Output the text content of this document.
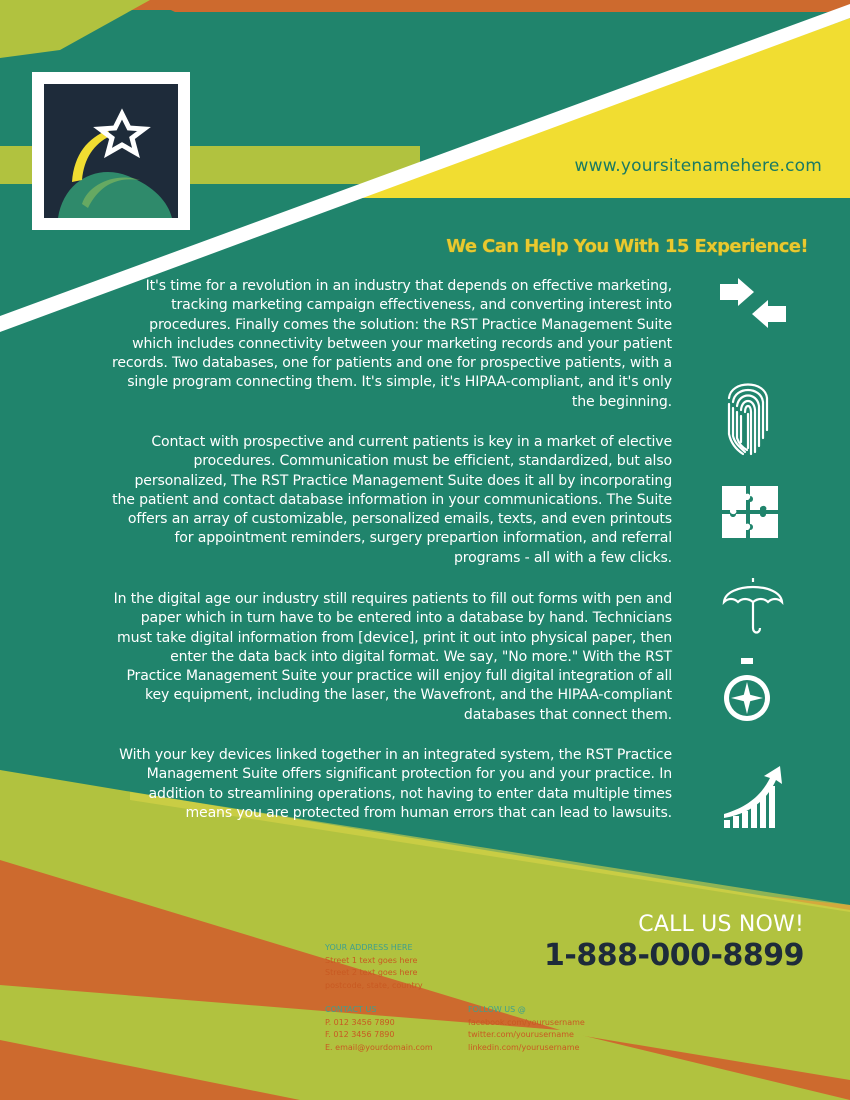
www.yoursitenamehere.com
We Can Help You With 15 Experience!

It's time for a revolution in an industry that depends on effective marketing, tracking marketing campaign effectiveness, and converting interest into procedures. Finally comes the solution: the RST Practice Management Suite which includes connectivity between your marketing records and your patient records. Two databases, one for patients and one for prospective patients, with a single program connecting them. It's simple, it's HIPAA-compliant, and it's only the beginning.

Contact with prospective and current patients is key in a market of elective procedures. Communication must be efficient, standardized, but also personalized, The RST Practice Management Suite does it all by incorporating the patient and contact database information in your communications. The Suite offers an array of customizable, personalized emails, texts, and even printouts for appointment reminders, surgery prepartion information, and referral programs - all with a few clicks.

In the digital age our industry still requires patients to fill out forms with pen and paper which in turn have to be entered into a database by hand. Technicians must take digital information from [device], print it out into physical paper, then enter the data back into digital format. We say, "No more." With the RST Practice Management Suite your practice will enjoy full digital integration of all key equipment, including the laser, the Wavefront, and the HIPAA-compliant databases that connect them.

With your key devices linked together in an integrated system, the RST Practice Management Suite offers significant protection for you and your practice. In addition to streamlining operations, not having to enter data multiple times means you are protected from human errors that can lead to lawsuits.

CALL US NOW!
1-888-000-8899
YOUR ADDRESS HERE
Street 1 text goes here
Street 2 text goes here
postcode, state, country
CONTACT US
P. 012 3456 7890
F. 012 3456 7890
E. email@yourdomain.com
FOLLOW US @
facebook.com/yourusername
twitter.com/yourusername
linkedin.com/yourusername
